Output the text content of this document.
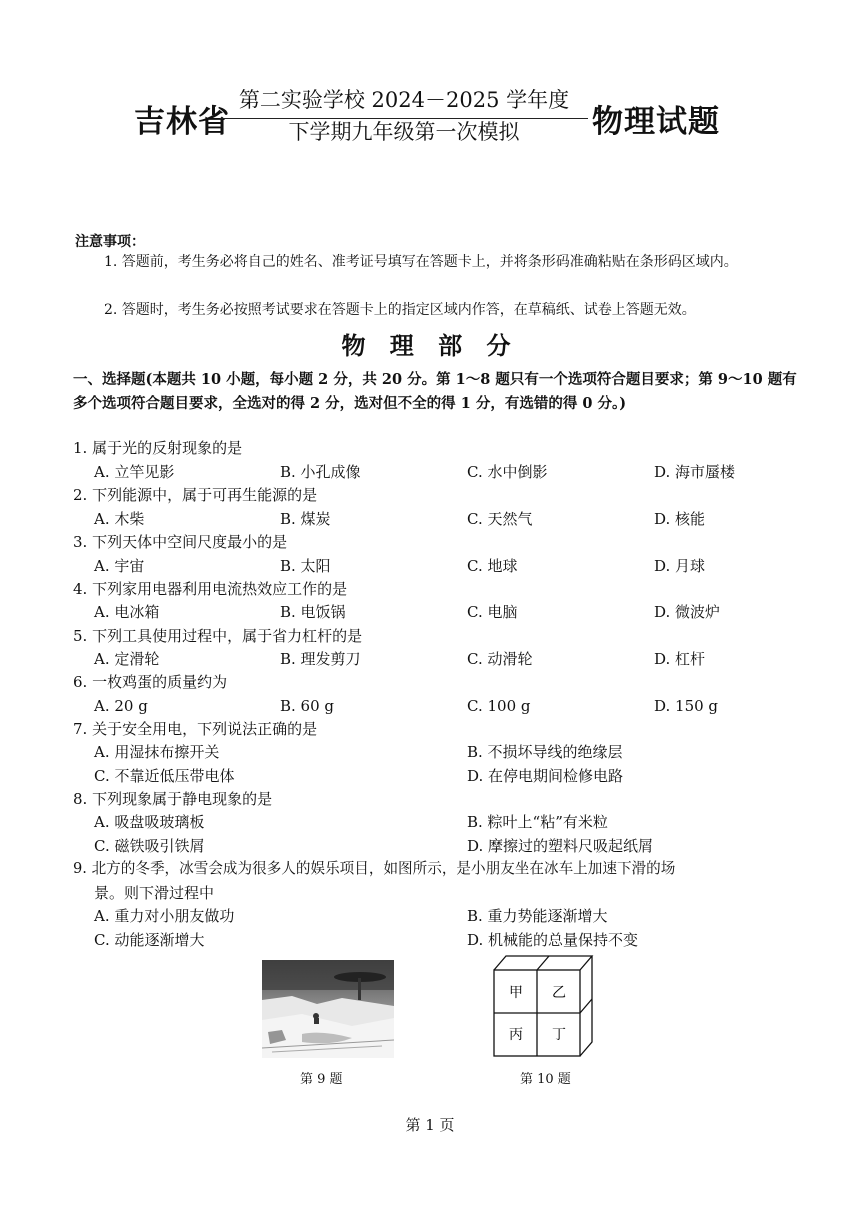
吉林省
第二实验学校 2024－2025 学年度
下学期九年级第一次模拟	物理试题
注意事项：
1. 答题前，考生务必将自己的姓名、准考证号填写在答题卡上，并将条形码准确粘贴在条形码区域内。
2. 答题时，考生务必按照考试要求在答题卡上的指定区域内作答，在草稿纸、试卷上答题无效。
物 理 部 分
一、选择题(本题共 10 小题，每小题 2 分，共 20 分。第 1～8 题只有一个选项符合题目要求；第 9～10 题有多个选项符合题目要求，全选对的得 2 分，选对但不全的得 1 分，有选错的得 0 分。)
1. 属于光的反射现象的是
A. 立竿见影	B. 小孔成像	C. 水中倒影	D. 海市蜃楼
2. 下列能源中，属于可再生能源的是
A. 木柴	B. 煤炭	C. 天然气	D. 核能
3. 下列天体中空间尺度最小的是
A. 宇宙	B. 太阳	C. 地球	D. 月球
4. 下列家用电器利用电流热效应工作的是
A. 电冰箱	B. 电饭锅	C. 电脑	D. 微波炉
5. 下列工具使用过程中，属于省力杠杆的是
A. 定滑轮	B. 理发剪刀	C. 动滑轮	D. 杠杆
6. 一枚鸡蛋的质量约为
A. 20 g	B. 60 g	C. 100 g	D. 150 g
7. 关于安全用电，下列说法正确的是
A. 用湿抹布擦开关	B. 不损坏导线的绝缘层
C. 不靠近低压带电体	D. 在停电期间检修电路
8. 下列现象属于静电现象的是
A. 吸盘吸玻璃板	B. 粽叶上“粘”有米粒
C. 磁铁吸引铁屑	D. 摩擦过的塑料尺吸起纸屑
9. 北方的冬季，冰雪会成为很多人的娱乐项目，如图所示，是小朋友坐在冰车上加速下滑的场
景。则下滑过程中
A. 重力对小朋友做功	B. 重力势能逐渐增大
C. 动能逐渐增大	D. 机械能的总量保持不变
第 9 题
甲 乙
丙 丁
第 10 题
第 1 页
